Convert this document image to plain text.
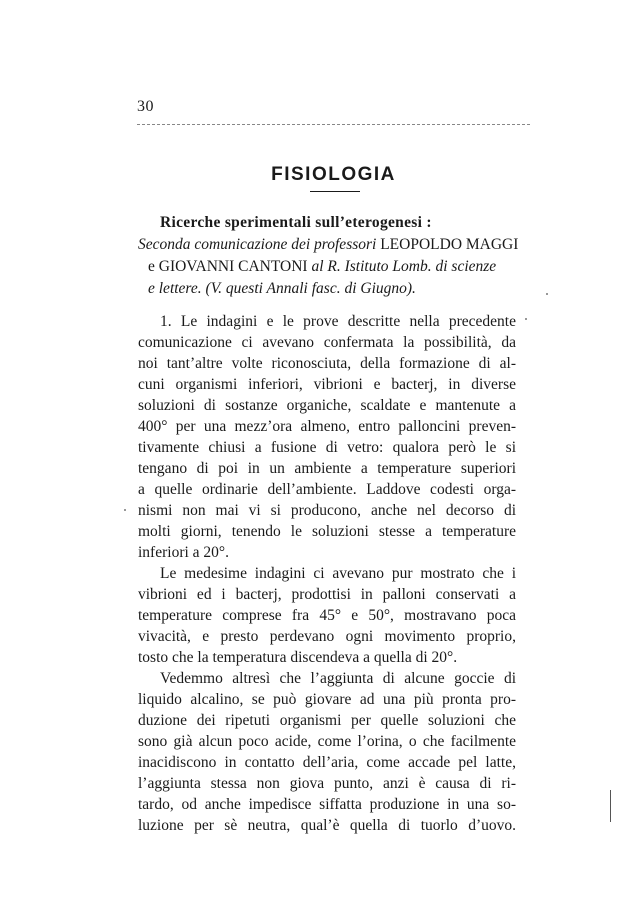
30
FISIOLOGIA
Ricerche sperimentali sull’eterogenesi :
Seconda comunicazione dei professori LEOPOLDO MAGGI
e GIOVANNI CANTONI al R. Istituto Lomb. di scienze
e lettere. (V. questi Annali fasc. di Giugno).
1. Le indagini e le prove descritte nella precedente
comunicazione ci avevano confermata la possibilità, da
noi tant’altre volte riconosciuta, della formazione di al-
cuni organismi inferiori, vibrioni e bacterj, in diverse
soluzioni di sostanze organiche, scaldate e mantenute a
400° per una mezz’ora almeno, entro palloncini preven-
tivamente chiusi a fusione di vetro: qualora però le si
tengano di poi in un ambiente a temperature superiori
a quelle ordinarie dell’ambiente. Laddove codesti orga-
nismi non mai vi si producono, anche nel decorso di
molti giorni, tenendo le soluzioni stesse a temperature
inferiori a 20°.
Le medesime indagini ci avevano pur mostrato che i
vibrioni ed i bacterj, prodottisi in palloni conservati a
temperature comprese fra 45° e 50°, mostravano poca
vivacità, e presto perdevano ogni movimento proprio,
tosto che la temperatura discendeva a quella di 20°.
Vedemmo altresì che l’aggiunta di alcune goccie di
liquido alcalino, se può giovare ad una più pronta pro-
duzione dei ripetuti organismi per quelle soluzioni che
sono già alcun poco acide, come l’orina, o che facilmente
inacidiscono in contatto dell’aria, come accade pel latte,
l’aggiunta stessa non giova punto, anzi è causa di ri-
tardo, od anche impedisce siffatta produzione in una so-
luzione per sè neutra, qual’è quella di tuorlo d’uovo.
